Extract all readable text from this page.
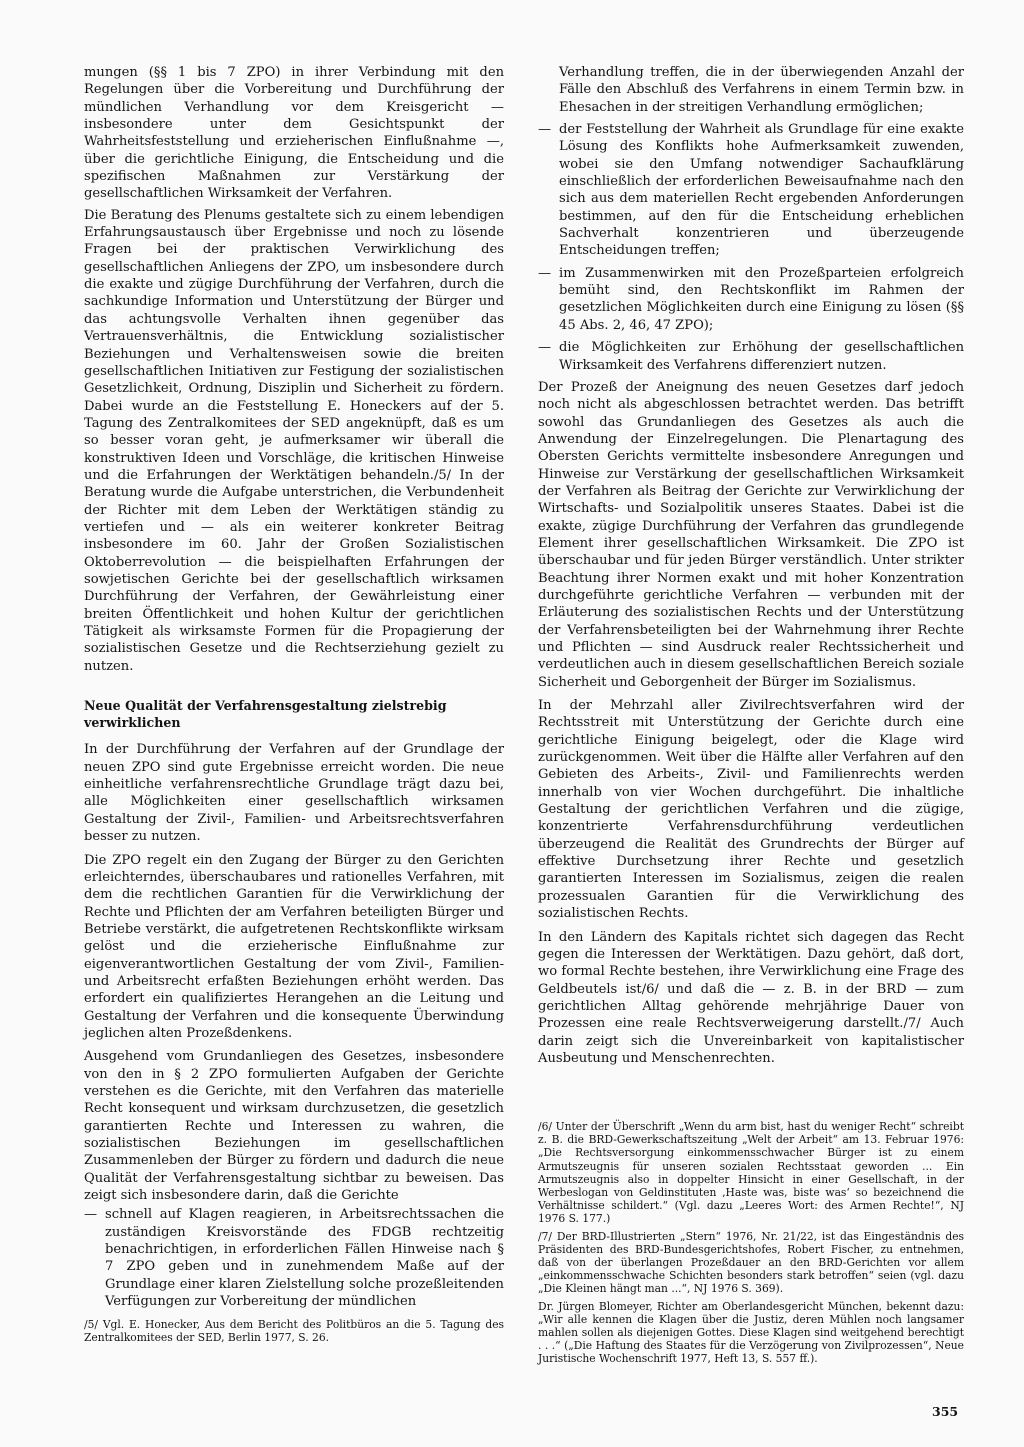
mungen (§§ 1 bis 7 ZPO) in ihrer Verbindung mit den Regelungen über die Vorbereitung und Durchführung der mündlichen Verhandlung vor dem Kreisgericht — insbesondere unter dem Gesichtspunkt der Wahrheitsfeststellung und erzieherischen Einflußnahme —, über die gerichtliche Einigung, die Entscheidung und die spezifischen Maßnahmen zur Verstärkung der gesellschaftlichen Wirksamkeit der Verfahren.

Die Beratung des Plenums gestaltete sich zu einem lebendigen Erfahrungsaustausch über Ergebnisse und noch zu lösende Fragen bei der praktischen Verwirklichung des gesellschaftlichen Anliegens der ZPO, um insbesondere durch die exakte und zügige Durchführung der Verfahren, durch die sachkundige Information und Unterstützung der Bürger und das achtungsvolle Verhalten ihnen gegenüber das Vertrauensverhältnis, die Entwicklung sozialistischer Beziehungen und Verhaltensweisen sowie die breiten gesellschaftlichen Initiativen zur Festigung der sozialistischen Gesetzlichkeit, Ordnung, Disziplin und Sicherheit zu fördern. Dabei wurde an die Feststellung E. Honeckers auf der 5. Tagung des Zentralkomitees der SED angeknüpft, daß es um so besser voran geht, je aufmerksamer wir überall die konstruktiven Ideen und Vorschläge, die kritischen Hinweise und die Erfahrungen der Werktätigen behandeln./5/ In der Beratung wurde die Aufgabe unterstrichen, die Verbundenheit der Richter mit dem Leben der Werktätigen ständig zu vertiefen und — als ein weiterer konkreter Beitrag insbesondere im 60. Jahr der Großen Sozialistischen Oktoberrevolution — die beispielhaften Erfahrungen der sowjetischen Gerichte bei der gesellschaftlich wirksamen Durchführung der Verfahren, der Gewährleistung einer breiten Öffentlichkeit und hohen Kultur der gerichtlichen Tätigkeit als wirksamste Formen für die Propagierung der sozialistischen Gesetze und die Rechtserziehung gezielt zu nutzen.

Neue Qualität der Verfahrensgestaltung zielstrebig verwirklichen

In der Durchführung der Verfahren auf der Grundlage der neuen ZPO sind gute Ergebnisse erreicht worden. Die neue einheitliche verfahrensrechtliche Grundlage trägt dazu bei, alle Möglichkeiten einer gesellschaftlich wirksamen Gestaltung der Zivil-, Familien- und Arbeitsrechtsverfahren besser zu nutzen.

Die ZPO regelt ein den Zugang der Bürger zu den Gerichten erleichterndes, überschaubares und rationelles Verfahren, mit dem die rechtlichen Garantien für die Verwirklichung der Rechte und Pflichten der am Verfahren beteiligten Bürger und Betriebe verstärkt, die aufgetretenen Rechtskonflikte wirksam gelöst und die erzieherische Einflußnahme zur eigenverantwortlichen Gestaltung der vom Zivil-, Familien- und Arbeitsrecht erfaßten Beziehungen erhöht werden. Das erfordert ein qualifiziertes Herangehen an die Leitung und Gestaltung der Verfahren und die konsequente Überwindung jeglichen alten Prozeßdenkens.

Ausgehend vom Grundanliegen des Gesetzes, insbesondere von den in § 2 ZPO formulierten Aufgaben der Gerichte verstehen es die Gerichte, mit den Verfahren das materielle Recht konsequent und wirksam durchzusetzen, die gesetzlich garantierten Rechte und Interessen zu wahren, die sozialistischen Beziehungen im gesellschaftlichen Zusammenleben der Bürger zu fördern und dadurch die neue Qualität der Verfahrensgestaltung sichtbar zu beweisen. Das zeigt sich insbesondere darin, daß die Gerichte

— schnell auf Klagen reagieren, in Arbeitsrechtssachen die zuständigen Kreisvorstände des FDGB rechtzeitig benachrichtigen, in erforderlichen Fällen Hinweise nach § 7 ZPO geben und in zunehmendem Maße auf der Grundlage einer klaren Zielstellung solche prozeßleitenden Verfügungen zur Vorbereitung der mündlichen

/5/ Vgl. E. Honecker, Aus dem Bericht des Politbüros an die 5. Tagung des Zentralkomitees der SED, Berlin 1977, S. 26.

Verhandlung treffen, die in der überwiegenden Anzahl der Fälle den Abschluß des Verfahrens in einem Termin bzw. in Ehesachen in der streitigen Verhandlung ermöglichen;

— der Feststellung der Wahrheit als Grundlage für eine exakte Lösung des Konflikts hohe Aufmerksamkeit zuwenden, wobei sie den Umfang notwendiger Sachaufklärung einschließlich der erforderlichen Beweisaufnahme nach den sich aus dem materiellen Recht ergebenden Anforderungen bestimmen, auf den für die Entscheidung erheblichen Sachverhalt konzentrieren und überzeugende Entscheidungen treffen;
— im Zusammenwirken mit den Prozeßparteien erfolgreich bemüht sind, den Rechtskonflikt im Rahmen der gesetzlichen Möglichkeiten durch eine Einigung zu lösen (§§ 45 Abs. 2, 46, 47 ZPO);
— die Möglichkeiten zur Erhöhung der gesellschaftlichen Wirksamkeit des Verfahrens differenziert nutzen.

Der Prozeß der Aneignung des neuen Gesetzes darf jedoch noch nicht als abgeschlossen betrachtet werden. Das betrifft sowohl das Grundanliegen des Gesetzes als auch die Anwendung der Einzelregelungen. Die Plenartagung des Obersten Gerichts vermittelte insbesondere Anregungen und Hinweise zur Verstärkung der gesellschaftlichen Wirksamkeit der Verfahren als Beitrag der Gerichte zur Verwirklichung der Wirtschafts- und Sozialpolitik unseres Staates. Dabei ist die exakte, zügige Durchführung der Verfahren das grundlegende Element ihrer gesellschaftlichen Wirksamkeit. Die ZPO ist überschaubar und für jeden Bürger verständlich. Unter strikter Beachtung ihrer Normen exakt und mit hoher Konzentration durchgeführte gerichtliche Verfahren — verbunden mit der Erläuterung des sozialistischen Rechts und der Unterstützung der Verfahrensbeteiligten bei der Wahrnehmung ihrer Rechte und Pflichten — sind Ausdruck realer Rechtssicherheit und verdeutlichen auch in diesem gesellschaftlichen Bereich soziale Sicherheit und Geborgenheit der Bürger im Sozialismus.

In der Mehrzahl aller Zivilrechtsverfahren wird der Rechtsstreit mit Unterstützung der Gerichte durch eine gerichtliche Einigung beigelegt, oder die Klage wird zurückgenommen. Weit über die Hälfte aller Verfahren auf den Gebieten des Arbeits-, Zivil- und Familienrechts werden innerhalb von vier Wochen durchgeführt. Die inhaltliche Gestaltung der gerichtlichen Verfahren und die zügige, konzentrierte Verfahrensdurchführung verdeutlichen überzeugend die Realität des Grundrechts der Bürger auf effektive Durchsetzung ihrer Rechte und gesetzlich garantierten Interessen im Sozialismus, zeigen die realen prozessualen Garantien für die Verwirklichung des sozialistischen Rechts.

In den Ländern des Kapitals richtet sich dagegen das Recht gegen die Interessen der Werktätigen. Dazu gehört, daß dort, wo formal Rechte bestehen, ihre Verwirklichung eine Frage des Geldbeutels ist/6/ und daß die — z. B. in der BRD — zum gerichtlichen Alltag gehörende mehrjährige Dauer von Prozessen eine reale Rechtsverweigerung darstellt./7/ Auch darin zeigt sich die Unvereinbarkeit von kapitalistischer Ausbeutung und Menschenrechten.

/6/ Unter der Überschrift „Wenn du arm bist, hast du weniger Recht“ schreibt z. B. die BRD-Gewerkschaftszeitung „Welt der Arbeit“ am 13. Februar 1976: „Die Rechtsversorgung einkommensschwacher Bürger ist zu einem Armutszeugnis für unseren sozialen Rechtsstaat geworden ... Ein Armutszeugnis also in doppelter Hinsicht in einer Gesellschaft, in der Werbeslogan von Geldinstituten ‚Haste was, biste was‘ so bezeichnend die Verhältnisse schildert.“ (Vgl. dazu „Leeres Wort: des Armen Rechte!“, NJ 1976 S. 177.)

/7/ Der BRD-Illustrierten „Stern“ 1976, Nr. 21/22, ist das Eingeständnis des Präsidenten des BRD-Bundesgerichtshofes, Robert Fischer, zu entnehmen, daß von der überlangen Prozeßdauer an den BRD-Gerichten vor allem „einkommensschwache Schichten besonders stark betroffen“ seien (vgl. dazu „Die Kleinen hängt man ...“, NJ 1976 S. 369).

Dr. Jürgen Blomeyer, Richter am Oberlandesgericht München, bekennt dazu: „Wir alle kennen die Klagen über die Justiz, deren Mühlen noch langsamer mahlen sollen als diejenigen Gottes. Diese Klagen sind weitgehend berechtigt . . .“ („Die Haftung des Staates für die Verzögerung von Zivilprozessen“, Neue Juristische Wochenschrift 1977, Heft 13, S. 557 ff.).

355
